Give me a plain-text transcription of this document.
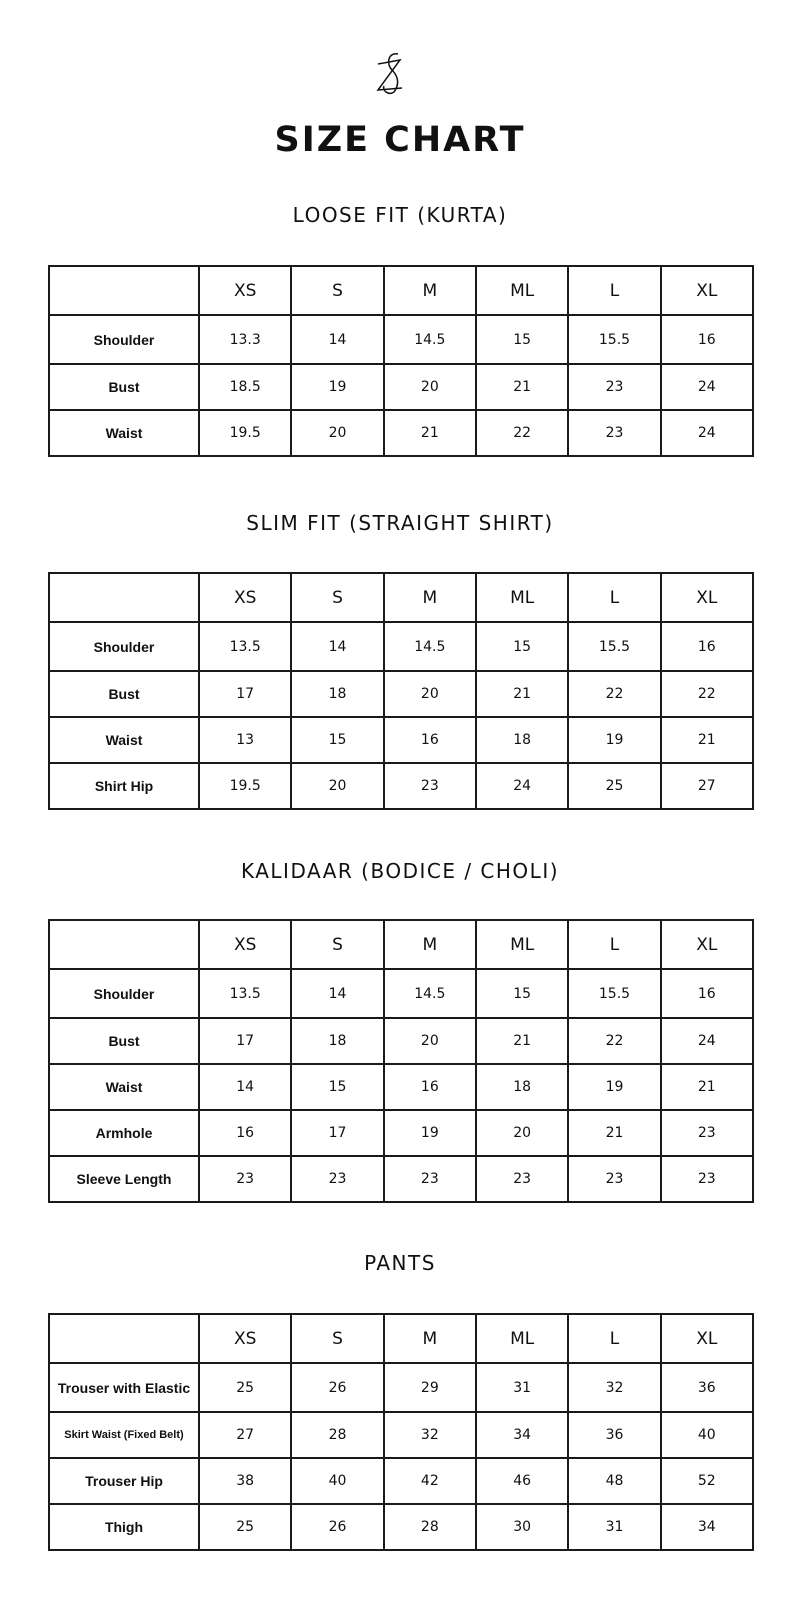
SIZE CHART
LOOSE FIT (KURTA)
	XS	S	M	ML	L	XL
Shoulder	13.3	14	14.5	15	15.5	16
Bust	18.5	19	20	21	23	24
Waist	19.5	20	21	22	23	24
SLIM FIT (STRAIGHT SHIRT)
	XS	S	M	ML	L	XL
Shoulder	13.5	14	14.5	15	15.5	16
Bust	17	18	20	21	22	22
Waist	13	15	16	18	19	21
Shirt Hip	19.5	20	23	24	25	27
KALIDAAR (BODICE / CHOLI)
	XS	S	M	ML	L	XL
Shoulder	13.5	14	14.5	15	15.5	16
Bust	17	18	20	21	22	24
Waist	14	15	16	18	19	21
Armhole	16	17	19	20	21	23
Sleeve Length	23	23	23	23	23	23
PANTS
	XS	S	M	ML	L	XL
Trouser with Elastic	25	26	29	31	32	36
Skirt Waist (Fixed Belt)	27	28	32	34	36	40
Trouser Hip	38	40	42	46	48	52
Thigh	25	26	28	30	31	34
